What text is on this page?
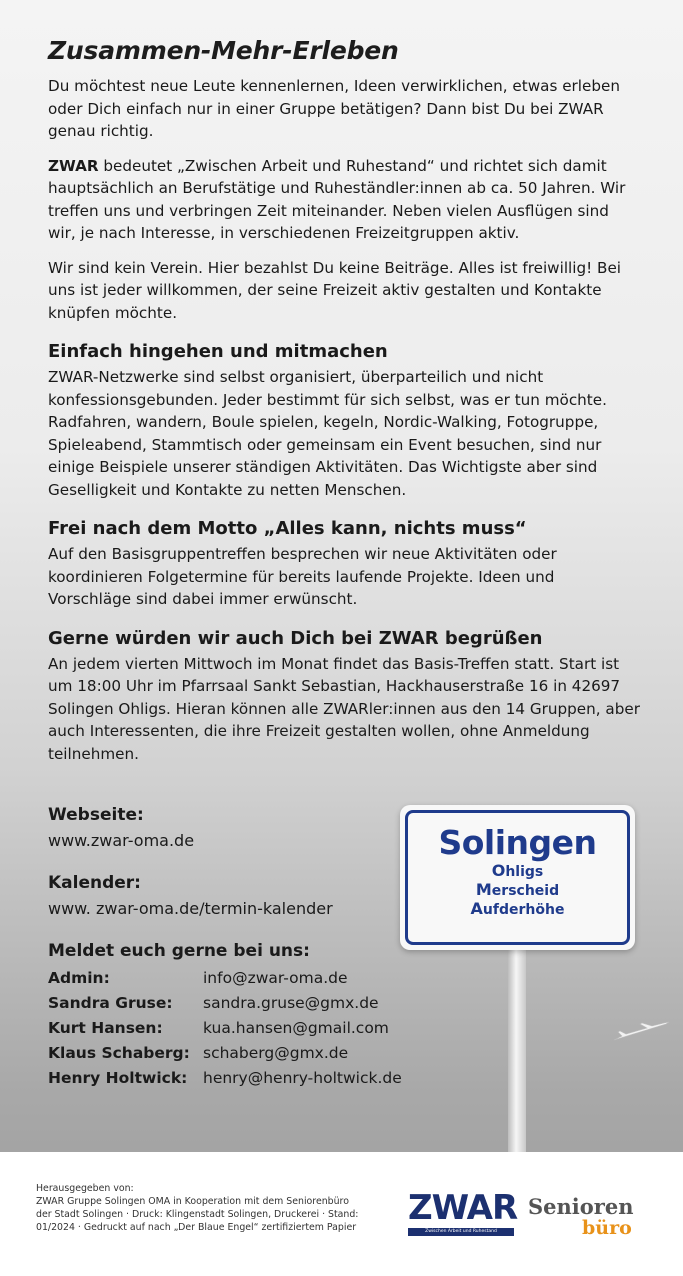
Zusammen-Mehr-Erleben

Du möchtest neue Leute kennenlernen, Ideen verwirklichen, etwas erleben oder Dich einfach nur in einer Gruppe betätigen? Dann bist Du bei ZWAR genau richtig.

ZWAR bedeutet „Zwischen Arbeit und Ruhestand“ und richtet sich damit hauptsächlich an Berufstätige und Ruheständler:innen ab ca. 50 Jahren. Wir treffen uns und verbringen Zeit miteinander. Neben vielen Ausflügen sind wir, je nach Interesse, in verschiedenen Freizeitgruppen aktiv.

Wir sind kein Verein. Hier bezahlst Du keine Beiträge. Alles ist freiwillig! Bei uns ist jeder willkommen, der seine Freizeit aktiv gestalten und Kontakte knüpfen möchte.

Einfach hingehen und mitmachen

ZWAR-Netzwerke sind selbst organisiert, überparteilich und nicht konfessionsgebunden. Jeder bestimmt für sich selbst, was er tun möchte. Radfahren, wandern, Boule spielen, kegeln, Nordic-Walking, Fotogruppe, Spieleabend, Stammtisch oder gemeinsam ein Event besuchen, sind nur einige Beispiele unserer ständigen Aktivitäten. Das Wichtigste aber sind Geselligkeit und Kontakte zu netten Menschen.

Frei nach dem Motto „Alles kann, nichts muss“

Auf den Basisgruppentreffen besprechen wir neue Aktivitäten oder koordinieren Folgetermine für bereits laufende Projekte. Ideen und Vorschläge sind dabei immer erwünscht.

Gerne würden wir auch Dich bei ZWAR begrüßen

An jedem vierten Mittwoch im Monat findet das Basis-Treffen statt. Start ist um 18:00 Uhr im Pfarrsaal Sankt Sebastian, Hackhauserstraße 16 in 42697 Solingen Ohligs. Hieran können alle ZWARler:innen aus den 14 Gruppen, aber auch Interessenten, die ihre Freizeit gestalten wollen, ohne Anmeldung teilnehmen.

Webseite:
www.zwar-oma.de
Kalender:
www. zwar-oma.de/termin-kalender
Meldet euch gerne bei uns:
Admin:	info@zwar-oma.de
Sandra Gruse:	sandra.gruse@gmx.de
Kurt Hansen:	kua.hansen@gmail.com
Klaus Schaberg: schaberg@gmx.de
Henry Holtwick:	henry@henry-holtwick.de
Solingen
Ohligs
Merscheid
Aufderhöhe
Herausgegeben von:
ZWAR Gruppe Solingen OMA in Kooperation mit dem Seniorenbüro
der Stadt Solingen · Druck: Klingenstadt Solingen, Druckerei · Stand:
01/2024 · Gedruckt auf nach „Der Blaue Engel“ zertifiziertem Papier	ZWAR
Zwischen Arbeit und Ruhestand
Senioren
büro
